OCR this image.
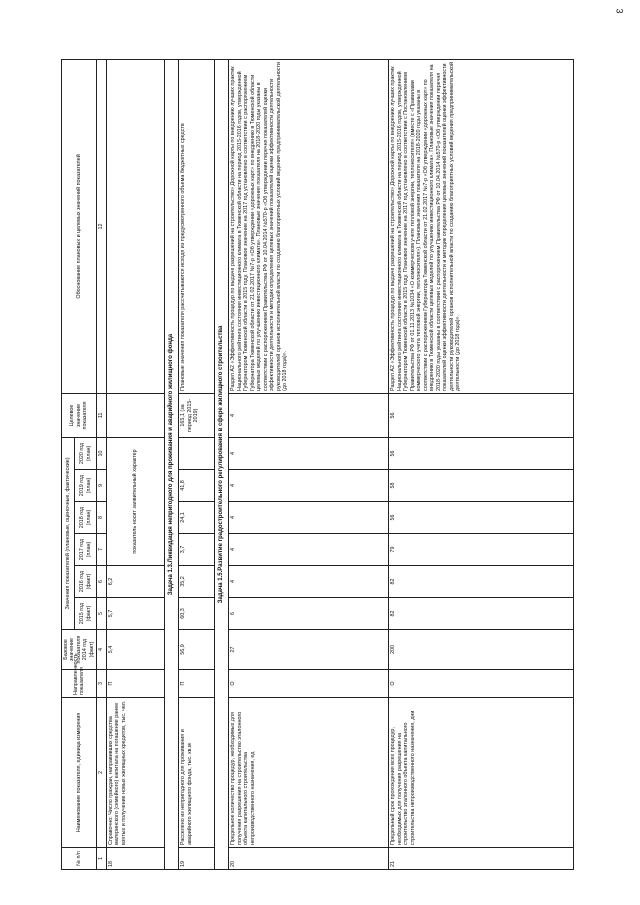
3
№ п/п	Наименование показателя, единица измерения	Направленность показателя	Базовое значение показателя 2014 год (факт)	Значения показателей (плановые, оценочные, фактические)						Целевое значение показателя	Обоснование плановых и целевых значений показателей
				2015 год (факт)	2016 год (факт)	2017 год (план)	2018 год (план)	2019 год (план)	2020 год (план)		
1	2	3	4	5	6	7	8	9	10	11	12
18	Справочно: Число граждан, направивших средства материнского (семейного) капитала на погашение ранее взятых и получение новых жилищных кредитов, тыс. чел.	П	5,4	5,7	6,2	показатель носит заявительный характер					
Задача 1.3.Ликвидация непригодного для проживания и аварийного жилищного фонда											
19	Расселено из непригодного для проживания и аварийного жилищного фонда, тыс. кв.м	П	56,9	60,3	35,2	3,7	24,1	41,8		165,1 (за период 2015-2019)	Плановые значения показателя рассчитываются исходя из предусмотренного объема бюджетных средств
Задача 1.5.Развитие градостроительного регулирования в сфере жилищного строительства											
20	Предельное количество процедур, необходимых для получения разрешения на строительство эталонного объекта капитального строительства непроизводственного назначения, ед	О	27	6	4	4	4	4	4	4	Раздел А2 «Эффективность процедур по выдаче разрешений на строительство» Дорожной карты по внедрению лучших практик Национального рейтинга состояния инвестиционного климата в Тюменской области на период 2015-2016 годов, утвержденной Губернатором Тюменской области в 2015 году. Плановое значение на 2017 год установлено в соответствии с распоряжением Губернатора Тюменской области от 21.02.2017 №7-р «Об утверждении «дорожных карт» по внедрению в Тюменской области целевых моделей по улучшению инвестиционного климата». Плановые значения показателя на 2018-2020 годы указаны в соответствии с распоряжением Правительства РФ от 10.04.2014 №570-р «Об утверждении перечня показателей оценки эффективности деятельности и методик определения целевых значений показателей оценки эффективности деятельности руководителей органов исполнительной власти по созданию благоприятных условий ведения предпринимательской деятельности (до 2018 года)».
21	Предельный срок прохождения всех процедур, необходимых для получения разрешения на строительство эталонного объекта капитального строительства непроизводственного назначения, дни	О	200	82	82	79	56	58	56	56	Раздел А2 «Эффективность процедур по выдаче разрешений на строительство» Дорожной карты по внедрению лучших практик Национального рейтинга состояния инвестиционного климата в Тюменской области на период 2015-2016 годов, утвержденной Губернатором Тюменской области в 2015 году. Плановое значение на 2017 год установлено в соответствии с Постановлением Правительства РФ от 01.11.2013 №1034 «О коммерческом учете тепловой энергии, теплоносителя» (вместе с «Правилами коммерческого учета тепловой энергии, теплоносителя»). Плановые значения показателя на 2018-2020 годы указаны в соответствии с распоряжением Губернатора Тюменской области от 21.02.2017 №7-р «Об утверждении «дорожных карт» по внедрению в Тюменской области целевых моделей по улучшению инвестиционного климата». Плановые значения показателя на 2018-2020 годы указаны в соответствии с распоряжением Правительства РФ от 10.04.2014 №570-р «Об утверждении перечня показателей оценки эффективности деятельности и методик определения целевых значений показателей оценки эффективности деятельности руководителей органов исполнительной власти по созданию благоприятных условий ведения предпринимательской деятельности (до 2018 года)».
